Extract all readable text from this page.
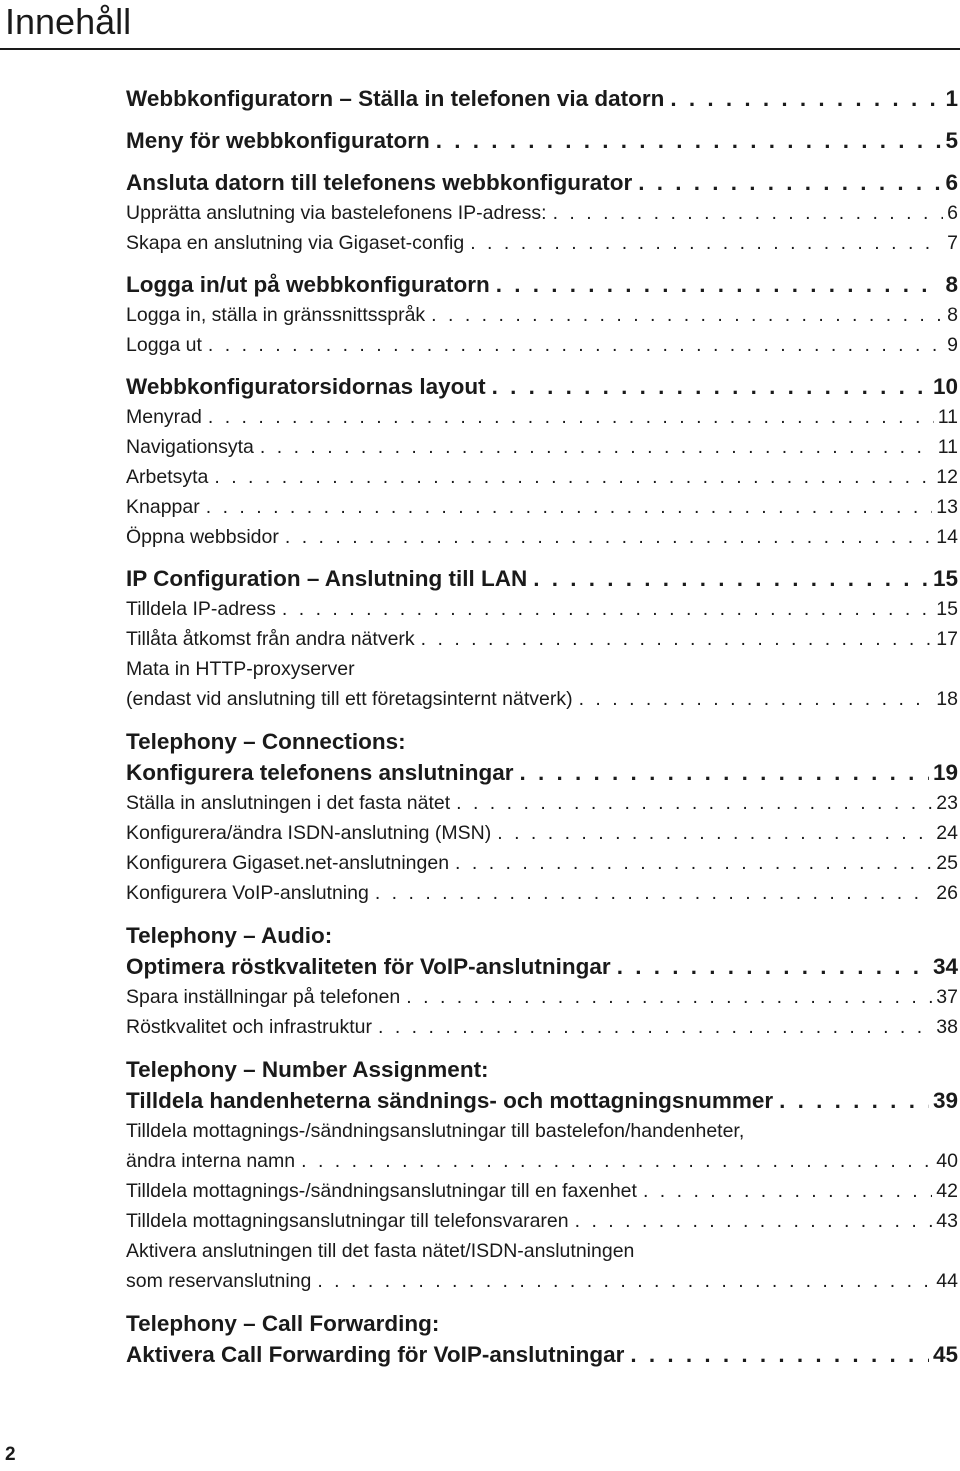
Innehåll
Webbkonfiguratorn – Ställa in telefonen via datorn . . .	1
Meny för webbkonfiguratorn . . .	5
Ansluta datorn till telefonens webbkonfigurator . . .	6
Upprätta anslutning via bastelefonens IP-adress: . . .	6
Skapa en anslutning via Gigaset-config . . .	7
Logga in/ut på webbkonfiguratorn . . .	8
Logga in, ställa in gränssnittsspråk . . .	8
Logga ut . . .	9
Webbkonfiguratorsidornas layout . . .	10
Menyrad . . .	11
Navigationsyta . . .	11
Arbetsyta . . .	12
Knappar . . .	13
Öppna webbsidor . . .	14
IP Configuration – Anslutning till LAN . . .	15
Tilldela IP-adress . . .	15
Tillåta åtkomst från andra nätverk . . .	17
Mata in HTTP-proxyserver
(endast vid anslutning till ett företagsinternt nätverk) . . .	18
Telephony – Connections:
Konfigurera telefonens anslutningar . . .	19
Ställa in anslutningen i det fasta nätet . . .	23
Konfigurera/ändra ISDN-anslutning (MSN) . . .	24
Konfigurera Gigaset.net-anslutningen . . .	25
Konfigurera VoIP-anslutning . . .	26
Telephony – Audio:
Optimera röstkvaliteten för VoIP-anslutningar . . .	34
Spara inställningar på telefonen . . .	37
Röstkvalitet och infrastruktur . . .	38
Telephony – Number Assignment:
Tilldela handenheterna sändnings- och mottagningsnummer . . .	39
Tilldela mottagnings-/sändningsanslutningar till bastelefon/handenheter,
ändra interna namn . . .	40
Tilldela mottagnings-/sändningsanslutningar till en faxenhet . . .	42
Tilldela mottagningsanslutningar till telefonsvararen . . .	43
Aktivera anslutningen till det fasta nätet/ISDN-anslutningen
som reservanslutning . . .	44
Telephony – Call Forwarding:
Aktivera Call Forwarding för VoIP-anslutningar . . .	45
2
